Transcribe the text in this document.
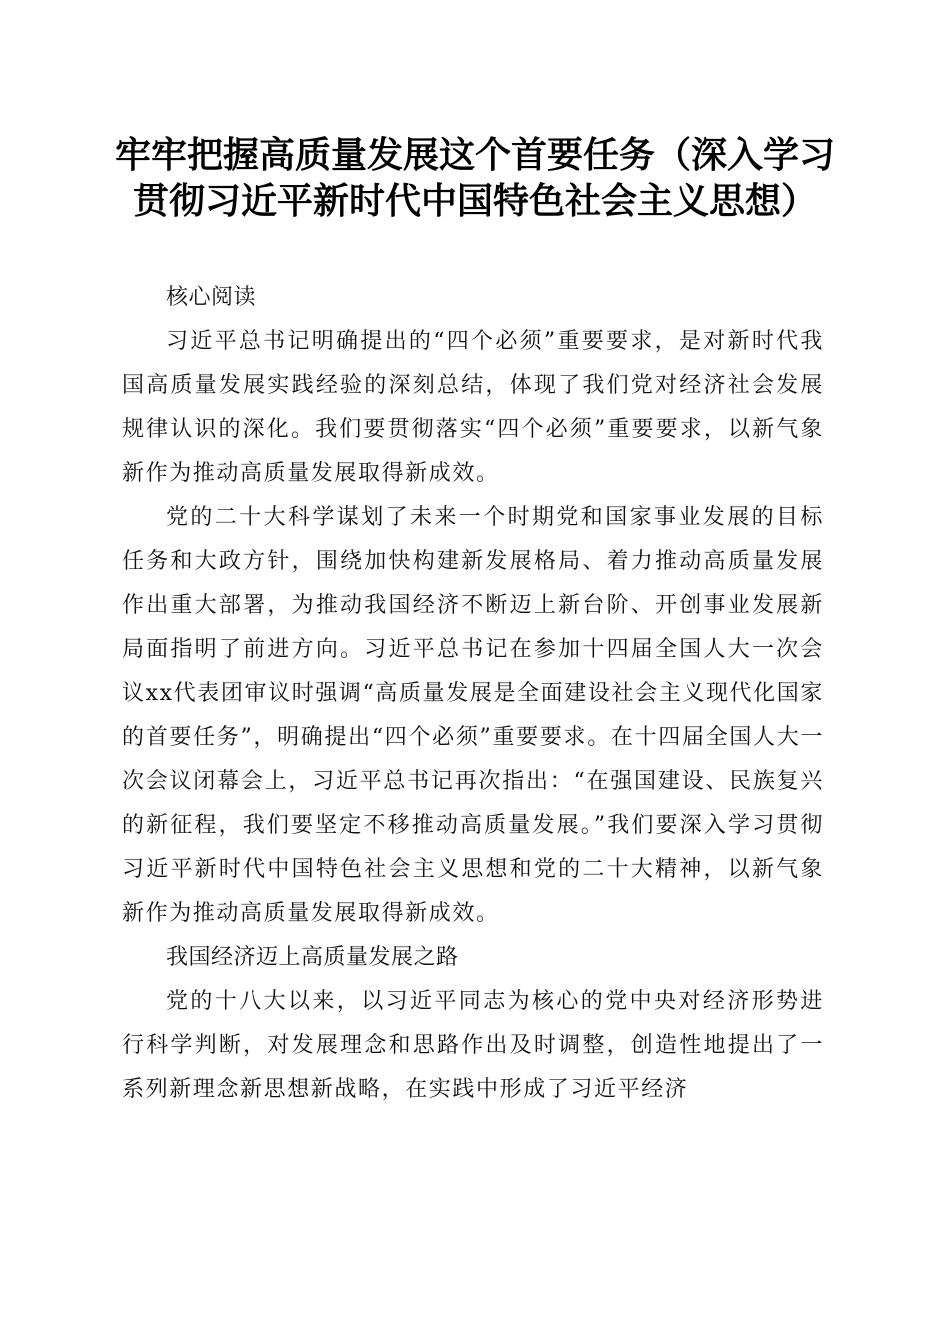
牢牢把握高质量发展这个首要任务（深入学习
贯彻习近平新时代中国特色社会主义思想）

核心阅读

习近平总书记明确提出的“四个必须”重要要求，是对新时代我国高质量发展实践经验的深刻总结，体现了我们党对经济社会发展规律认识的深化。我们要贯彻落实“四个必须”重要要求，以新气象新作为推动高质量发展取得新成效。

党的二十大科学谋划了未来一个时期党和国家事业发展的目标任务和大政方针，围绕加快构建新发展格局、着力推动高质量发展作出重大部署，为推动我国经济不断迈上新台阶、开创事业发展新局面指明了前进方向。习近平总书记在参加十四届全国人大一次会议xx代表团审议时强调“高质量发展是全面建设社会主义现代化国家的首要任务”，明确提出“四个必须”重要要求。在十四届全国人大一次会议闭幕会上，习近平总书记再次指出：“在强国建设、民族复兴的新征程，我们要坚定不移推动高质量发展。”我们要深入学习贯彻习近平新时代中国特色社会主义思想和党的二十大精神，以新气象新作为推动高质量发展取得新成效。

我国经济迈上高质量发展之路

党的十八大以来，以习近平同志为核心的党中央对经济形势进行科学判断，对发展理念和思路作出及时调整，创造性地提出了一系列新理念新思想新战略，在实践中形成了习近平经济
